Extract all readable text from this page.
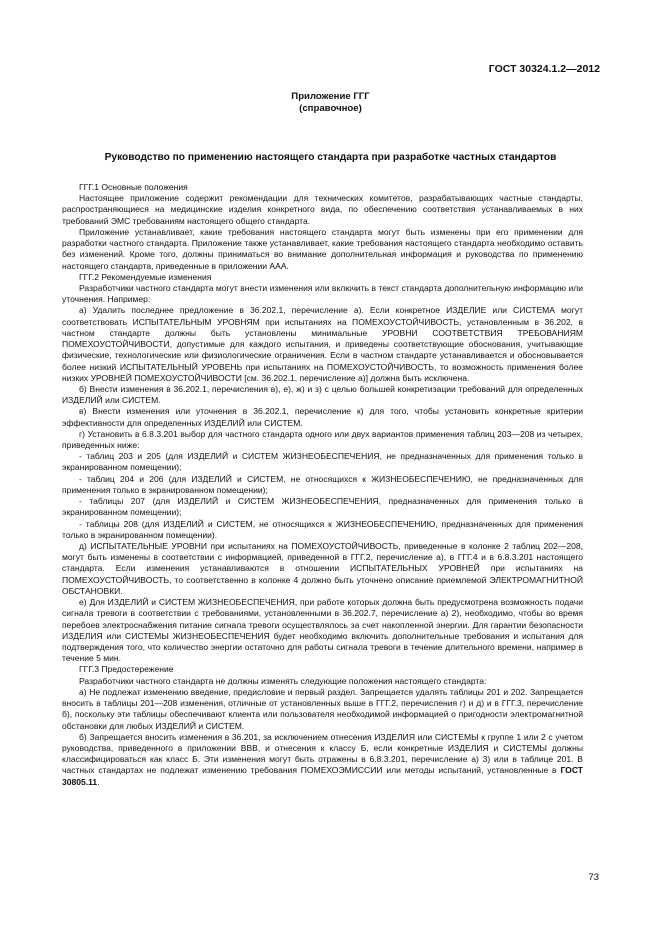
ГОСТ 30324.1.2—2012
Приложение ГГГ
(справочное)
Руководство по применению настоящего стандарта при разработке частных стандартов

ГГГ.1 Основные положения

Настоящее приложение содержит рекомендации для технических комитетов, разрабатывающих частные стандарты, распространяющиеся на медицинские изделия конкретного вида, по обеспечению соответствия устанавливаемых в них требований ЭМС требованиям настоящего общего стандарта.

Приложение устанавливает, какие требования настоящего стандарта могут быть изменены при его применении для разработки частного стандарта. Приложение также устанавливает, какие требования настоящего стандарта необходимо оставить без изменений. Кроме того, должны приниматься во внимание дополнительная информация и руководства по применению настоящего стандарта, приведенные в приложении ААА.

ГГГ.2 Рекомендуемые изменения

Разработчики частного стандарта могут внести изменения или включить в текст стандарта дополнительную информацию или уточнения. Например:

а) Удалить последнее предложение в 36.202.1, перечисление а). Если конкретное ИЗДЕЛИЕ или СИСТЕМА могут соответствовать ИСПЫТАТЕЛЬНЫМ УРОВНЯМ при испытаниях на ПОМЕХОУСТОЙЧИВОСТЬ, установленным в 36.202, в частном стандарте должны быть установлены минимальные УРОВНИ СООТВЕТСТВИЯ ТРЕБОВАНИЯМ ПОМЕХОУСТОЙЧИВОСТИ, допустимые для каждого испытания, и приведены соответствующие обоснования, учитывающие физические, технологические или физиологические ограничения. Если в частном стандарте устанавливается и обосновывается более низкий ИСПЫТАТЕЛЬНЫЙ УРОВЕНЬ при испытаниях на ПОМЕХОУСТОЙЧИВОСТЬ, то возможность применения более низких УРОВНЕЙ ПОМЕХОУСТОЙЧИВОСТИ [см. 36.202.1, перечисление а)] должна быть исключена.

б) Внести изменения в 36.202.1, перечисления в), е), ж) и з) с целью большей конкретизации требований для определенных ИЗДЕЛИЙ или СИСТЕМ.

в) Внести изменения или уточнения в 36.202.1, перечисление к) для того, чтобы установить конкретные критерии эффективности для определенных ИЗДЕЛИЙ или СИСТЕМ.

г) Установить в 6.8.3.201 выбор для частного стандарта одного или двух вариантов применения таблиц 203—208 из четырех, приведенных ниже:

- таблиц 203 и 205 (для ИЗДЕЛИЙ и СИСТЕМ ЖИЗНЕОБЕСПЕЧЕНИЯ, не предназначенных для применения только в экранированном помещении);

- таблиц 204 и 206 (для ИЗДЕЛИЙ и СИСТЕМ, не относящихся к ЖИЗНЕОБЕСПЕЧЕНИЮ, не предназначенных для применения только в экранированном помещении);

- таблицы 207 (для ИЗДЕЛИЙ и СИСТЕМ ЖИЗНЕОБЕСПЕЧЕНИЯ, предназначенных для применения только в экранированном помещении);

- таблицы 208 (для ИЗДЕЛИЙ и СИСТЕМ, не относящихся к ЖИЗНЕОБЕСПЕЧЕНИЮ, предназначенных для применения только в экранированном помещении).

д) ИСПЫТАТЕЛЬНЫЕ УРОВНИ при испытаниях на ПОМЕХОУСТОЙЧИВОСТЬ, приведенные в колонке 2 таблиц 202—208, могут быть изменены в соответствии с информацией, приведенной в ГГГ.2, перечисление а), в ГГГ.4 и в 6.8.3.201 настоящего стандарта. Если изменения устанавливаются в отношении ИСПЫТАТЕЛЬНЫХ УРОВНЕЙ при испытаниях на ПОМЕХОУСТОЙЧИВОСТЬ, то соответственно в колонке 4 должно быть уточнено описание приемлемой ЭЛЕКТРОМАГНИТНОЙ ОБСТАНОВКИ.

е) Для ИЗДЕЛИЙ и СИСТЕМ ЖИЗНЕОБЕСПЕЧЕНИЯ, при работе которых должна быть предусмотрена возможность подачи сигнала тревоги в соответствии с требованиями, установленными в 36.202.7, перечисление а) 2), необходимо, чтобы во время перебоев электроснабжения питание сигнала тревоги осуществлялось за счет накопленной энергии. Для гарантии безопасности ИЗДЕЛИЯ или СИСТЕМЫ ЖИЗНЕОБЕСПЕЧЕНИЯ будет необходимо включить дополнительные требования и испытания для подтверждения того, что количество энергии остаточно для работы сигнала тревоги в течение длительного времени, например в течение 5 мин.

ГГГ.3 Предостережение

Разработчики частного стандарта не должны изменять следующие положения настоящего стандарта:

а) Не подлежат изменению введение, предисловие и первый раздел. Запрещается удалять таблицы 201 и 202. Запрещается вносить в таблицы 201—208 изменения, отличные от установленных выше в ГГГ.2, перечисления г) и д) и в ГГГ.3, перечисление б), поскольку эти таблицы обеспечивают клиента или пользователя необходимой информацией о пригодности электромагнитной обстановки для любых ИЗДЕЛИЙ и СИСТЕМ.

б) Запрещается вносить изменения в 36.201, за исключением отнесения ИЗДЕЛИЯ или СИСТЕМЫ к группе 1 или 2 с учетом руководства, приведенного в приложении ВВВ, и отнесения к классу Б, если конкретные ИЗДЕЛИЯ и СИСТЕМЫ должны классифицироваться как класс Б. Эти изменения могут быть отражены в 6.8.3.201, перечисление а) 3) или в таблице 201. В частных стандартах не подлежат изменению требования ПОМЕХОЭМИССИИ или методы испытаний, установленные в ГОСТ 30805.11.

73
